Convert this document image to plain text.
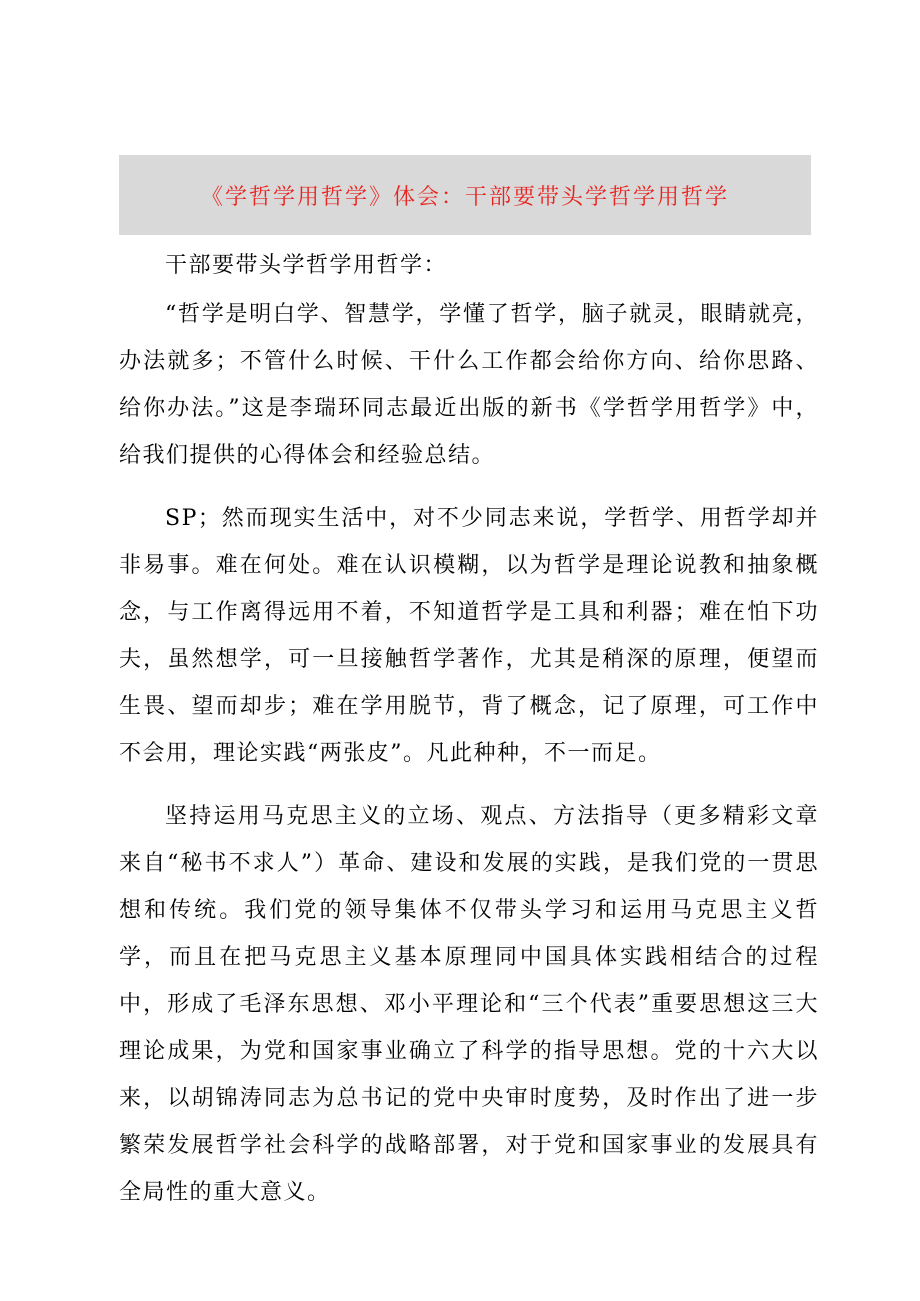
《学哲学用哲学》体会：干部要带头学哲学用哲学

干部要带头学哲学用哲学：

“哲学是明白学、智慧学，学懂了哲学，脑子就灵，眼睛就亮，办法就多；不管什么时候、干什么工作都会给你方向、给你思路、给你办法。”这是李瑞环同志最近出版的新书《学哲学用哲学》中，给我们提供的心得体会和经验总结。

SP；然而现实生活中，对不少同志来说，学哲学、用哲学却并非易事。难在何处。难在认识模糊，以为哲学是理论说教和抽象概念，与工作离得远用不着，不知道哲学是工具和利器；难在怕下功夫，虽然想学，可一旦接触哲学著作，尤其是稍深的原理，便望而生畏、望而却步；难在学用脱节，背了概念，记了原理，可工作中不会用，理论实践“两张皮”。凡此种种，不一而足。

坚持运用马克思主义的立场、观点、方法指导（更多精彩文章来自“秘书不求人”）革命、建设和发展的实践，是我们党的一贯思想和传统。我们党的领导集体不仅带头学习和运用马克思主义哲学，而且在把马克思主义基本原理同中国具体实践相结合的过程中，形成了毛泽东思想、邓小平理论和“三个代表”重要思想这三大理论成果，为党和国家事业确立了科学的指导思想。党的十六大以来，以胡锦涛同志为总书记的党中央审时度势，及时作出了进一步繁荣发展哲学社会科学的战略部署，对于党和国家事业的发展具有全局性的重大意义。
